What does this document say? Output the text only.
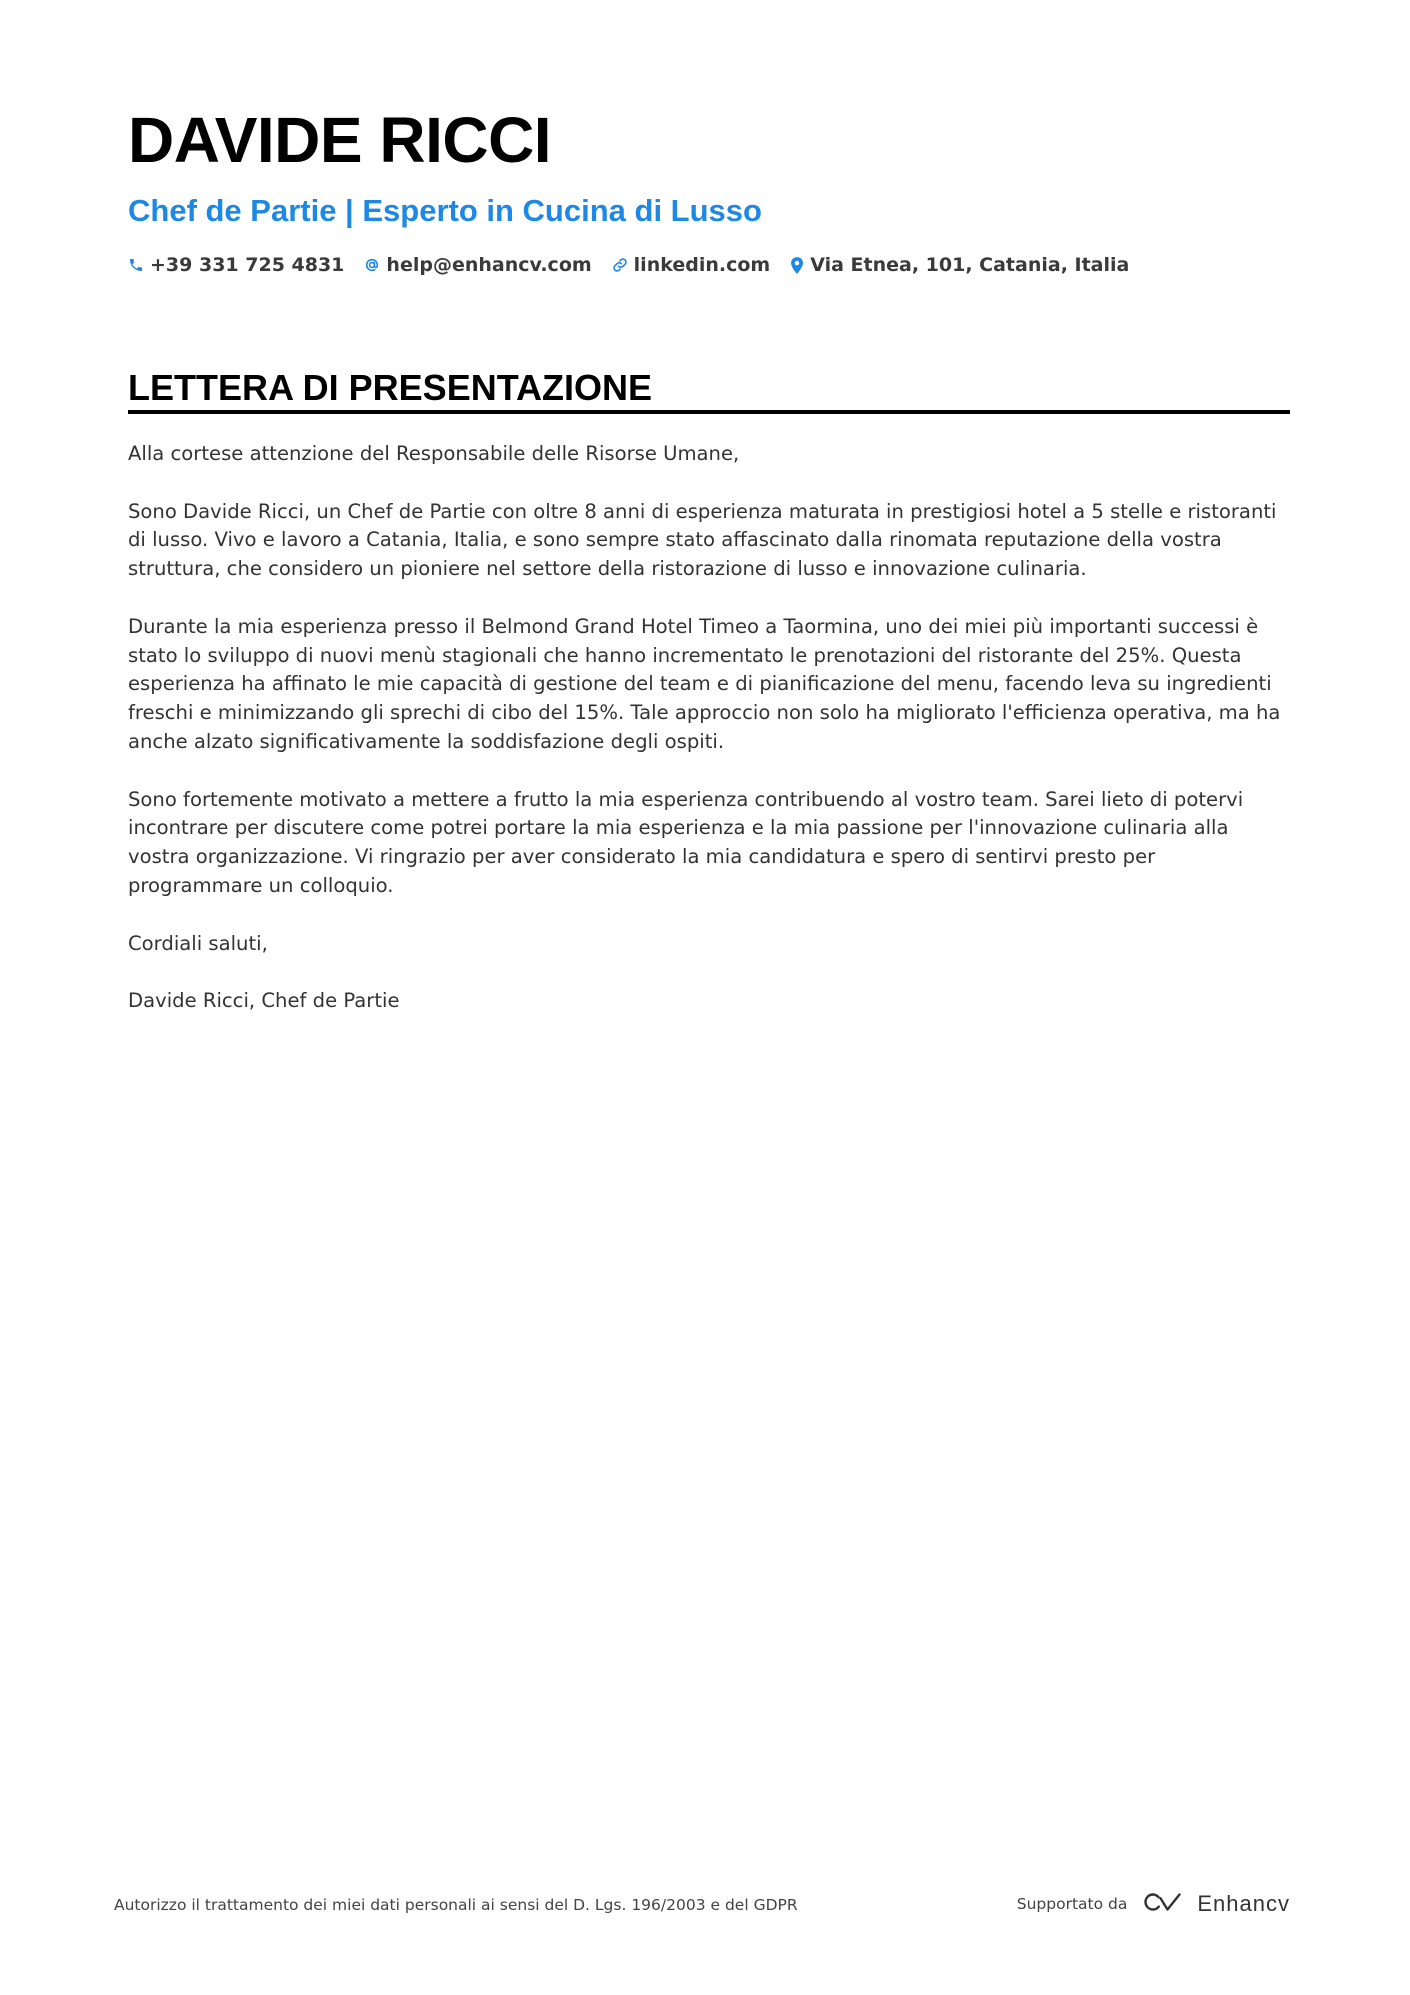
DAVIDE RICCI
Chef de Partie | Esperto in Cucina di Lusso
+39 331 725 4831 help@enhancv.com linkedin.com Via Etnea, 101, Catania, Italia
LETTERA DI PRESENTAZIONE

Alla cortese attenzione del Responsabile delle Risorse Umane,

Sono Davide Ricci, un Chef de Partie con oltre 8 anni di esperienza maturata in prestigiosi hotel a 5 stelle e ristoranti di lusso. Vivo e lavoro a Catania, Italia, e sono sempre stato affascinato dalla rinomata reputazione della vostra struttura, che considero un pioniere nel settore della ristorazione di lusso e innovazione culinaria.

Durante la mia esperienza presso il Belmond Grand Hotel Timeo a Taormina, uno dei miei più importanti successi è stato lo sviluppo di nuovi menù stagionali che hanno incrementato le prenotazioni del ristorante del 25%. Questa esperienza ha affinato le mie capacità di gestione del team e di pianificazione del menu, facendo leva su ingredienti freschi e minimizzando gli sprechi di cibo del 15%. Tale approccio non solo ha migliorato l'efficienza operativa, ma ha anche alzato significativamente la soddisfazione degli ospiti.

Sono fortemente motivato a mettere a frutto la mia esperienza contribuendo al vostro team. Sarei lieto di potervi incontrare per discutere come potrei portare la mia esperienza e la mia passione per l'innovazione culinaria alla vostra organizzazione. Vi ringrazio per aver considerato la mia candidatura e spero di sentirvi presto per programmare un colloquio.

Cordiali saluti,

Davide Ricci, Chef de Partie

Autorizzo il trattamento dei miei dati personali ai sensi del D. Lgs. 196/2003 e del GDPR	Supportato da	Enhancv
